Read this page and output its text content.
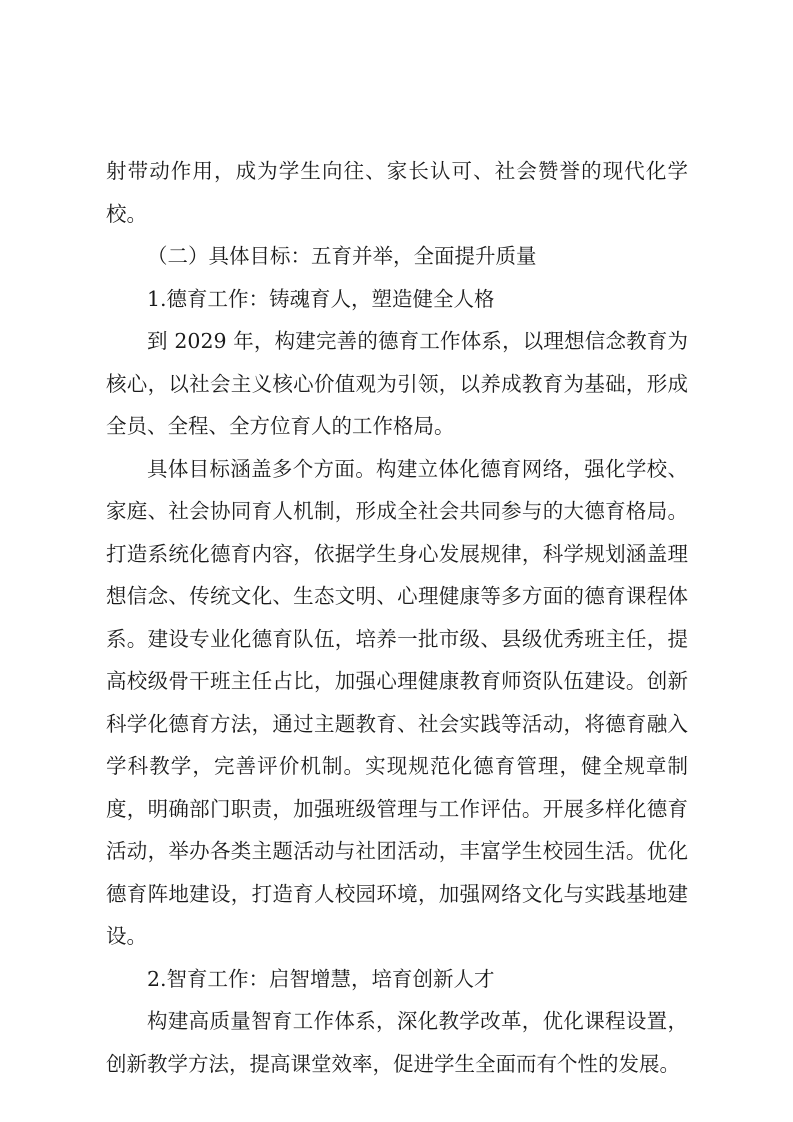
射带动作用，成为学生向往、家长认可、社会赞誉的现代化学校。

（二）具体目标：五育并举，全面提升质量

1.德育工作：铸魂育人，塑造健全人格

到 2029 年，构建完善的德育工作体系，以理想信念教育为核心，以社会主义核心价值观为引领，以养成教育为基础，形成全员、全程、全方位育人的工作格局。

具体目标涵盖多个方面。构建立体化德育网络，强化学校、家庭、社会协同育人机制，形成全社会共同参与的大德育格局。打造系统化德育内容，依据学生身心发展规律，科学规划涵盖理想信念、传统文化、生态文明、心理健康等多方面的德育课程体系。建设专业化德育队伍，培养一批市级、县级优秀班主任，提高校级骨干班主任占比，加强心理健康教育师资队伍建设。创新科学化德育方法，通过主题教育、社会实践等活动，将德育融入学科教学，完善评价机制。实现规范化德育管理，健全规章制度，明确部门职责，加强班级管理与工作评估。开展多样化德育活动，举办各类主题活动与社团活动，丰富学生校园生活。优化德育阵地建设，打造育人校园环境，加强网络文化与实践基地建设。

2.智育工作：启智增慧，培育创新人才

构建高质量智育工作体系，深化教学改革，优化课程设置，创新教学方法，提高课堂效率，促进学生全面而有个性的发展。
